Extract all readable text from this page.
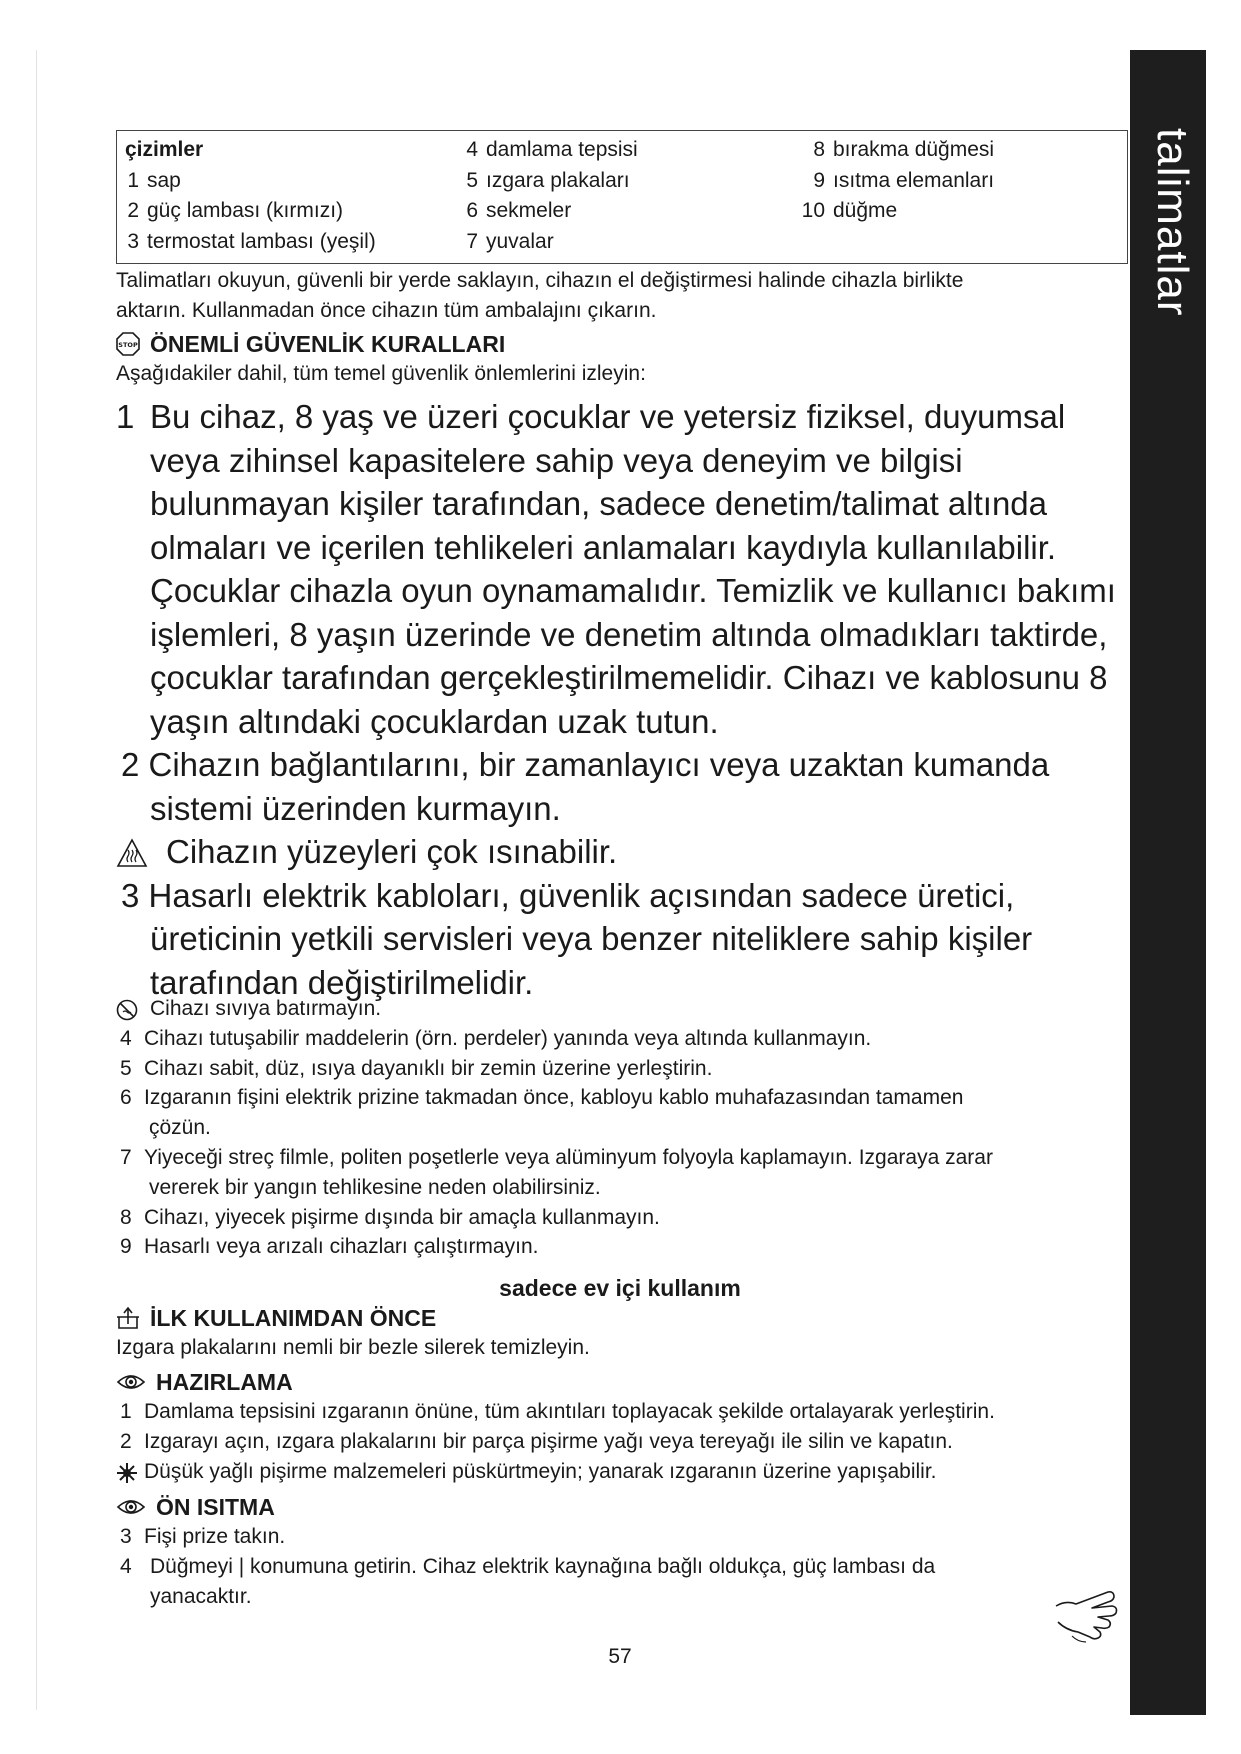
talimatlar
çizimler
1 sap
2 güç lambası (kırmızı)
3 termostat lambası (yeşil)
4 damlama tepsisi
5 ızgara plakaları
6 sekmeler
7 yuvalar
8 bırakma düğmesi
9 ısıtma elemanları
10 düğme
Talimatları okuyun, güvenli bir yerde saklayın, cihazın el değiştirmesi halinde cihazla birlikte
aktarın. Kullanmadan önce cihazın tüm ambalajını çıkarın.
STOP ÖNEMLİ GÜVENLİK KURALLARI
Aşağıdakiler dahil, tüm temel güvenlik önlemlerini izleyin:
1 Bu cihaz, 8 yaş ve üzeri çocuklar ve yetersiz fiziksel, duyumsal
veya zihinsel kapasitelere sahip veya deneyim ve bilgisi
bulunmayan kişiler tarafından, sadece denetim/talimat altında
olmaları ve içerilen tehlikeleri anlamaları kaydıyla kullanılabilir.
Çocuklar cihazla oyun oynamamalıdır. Temizlik ve kullanıcı bakımı
işlemleri, 8 yaşın üzerinde ve denetim altında olmadıkları taktirde,
çocuklar tarafından gerçekleştirilmemelidir. Cihazı ve kablosunu 8
yaşın altındaki çocuklardan uzak tutun.
2 Cihazın bağlantılarını, bir zamanlayıcı veya uzaktan kumanda
sistemi üzerinden kurmayın.
Cihazın yüzeyleri çok ısınabilir.
3 Hasarlı elektrik kabloları, güvenlik açısından sadece üretici,
üreticinin yetkili servisleri veya benzer niteliklere sahip kişiler
tarafından değiştirilmelidir.
Cihazı sıvıya batırmayın.
4 Cihazı tutuşabilir maddelerin (örn. perdeler) yanında veya altında kullanmayın.
5 Cihazı sabit, düz, ısıya dayanıklı bir zemin üzerine yerleştirin.
6 Izgaranın fişini elektrik prizine takmadan önce, kabloyu kablo muhafazasından tamamen
çözün.
7 Yiyeceği streç filmle, politen poşetlerle veya alüminyum folyoyla kaplamayın. Izgaraya zarar
vererek bir yangın tehlikesine neden olabilirsiniz.
8 Cihazı, yiyecek pişirme dışında bir amaçla kullanmayın.
9 Hasarlı veya arızalı cihazları çalıştırmayın.
sadece ev içi kullanım
İLK KULLANIMDAN ÖNCE
Izgara plakalarını nemli bir bezle silerek temizleyin.
HAZIRLAMA
1 Damlama tepsisini ızgaranın önüne, tüm akıntıları toplayacak şekilde ortalayarak yerleştirin.
2 Izgarayı açın, ızgara plakalarını bir parça pişirme yağı veya tereyağı ile silin ve kapatın.
Düşük yağlı pişirme malzemeleri püskürtmeyin; yanarak ızgaranın üzerine yapışabilir.
ÖN ISITMA
3 Fişi prize takın.
4 Düğmeyi | konumuna getirin. Cihaz elektrik kaynağına bağlı oldukça, güç lambası da
yanacaktır.
57
